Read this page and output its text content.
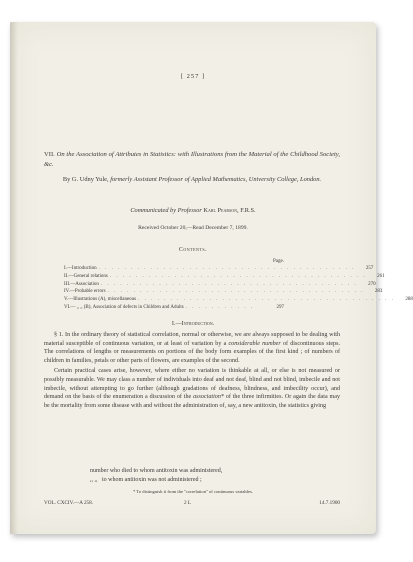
[ 257 ]
VII. On the Association of Attributes in Statistics: with Illustrations from the Material of the Childhood Society, &c.
By G. Udny Yule, formerly Assistant Professor of Applied Mathematics, University College, London.
Communicated by Professor Karl Pearson, F.R.S.
Received October 20,—Read December 7, 1899.
Contents.
Page.
I.—Introduction . . . . . . . . . . . . . . . . . . . . . . . . . . . . . . . . . . . . . . . .	257
II.—General relations . . . . . . . . . . . . . . . . . . . . . . . . . . . . . . . . . . . . . . . .	261
III.—Association . . . . . . . . . . . . . . . . . . . . . . . . . . . . . . . . . . . . . . . .	270
IV.—Probable errors . . . . . . . . . . . . . . . . . . . . . . . . . . . . . . . . . . . . . . . .	283
V.—Illustrations (A), miscellaneous . . . . . . . . . . . . . . . . . . . . . . . . . . . . . . . . . . . . . . . .	288
VI.— „ „ (B), Association of defects in Children and Adults . . . . . . . . . . .	297
I.—Introduction.

§ 1. In the ordinary theory of statistical correlation, normal or otherwise, we are always supposed to be dealing with material susceptible of continuous variation, or at least of variation by a considerable number of discontinuous steps. The correlations of lengths or measurements on portions of the body form examples of the first kind ; of numbers of children in families, petals or other parts of flowers, are examples of the second.

Certain practical cases arise, however, where either no variation is thinkable at all, or else is not measured or possibly measurable. We may class a number of individuals into deaf and not deaf, blind and not blind, imbecile and not imbecile, without attempting to go further (although gradations of deafness, blindness, and imbecility occur), and demand on the basis of the enumeration a discussion of the association* of the three infirmities. Or again the data may be the mortality from some disease with and without the administration of, say, a new antitoxin, the statistics giving

number who died to whom antitoxin was administered,
,, ,, to whom antitoxin was not administered ;
* To distinguish it from the "correlation" of continuous variables.
VOL. CXCIV.—A 258.	2 L	14.7.1900
